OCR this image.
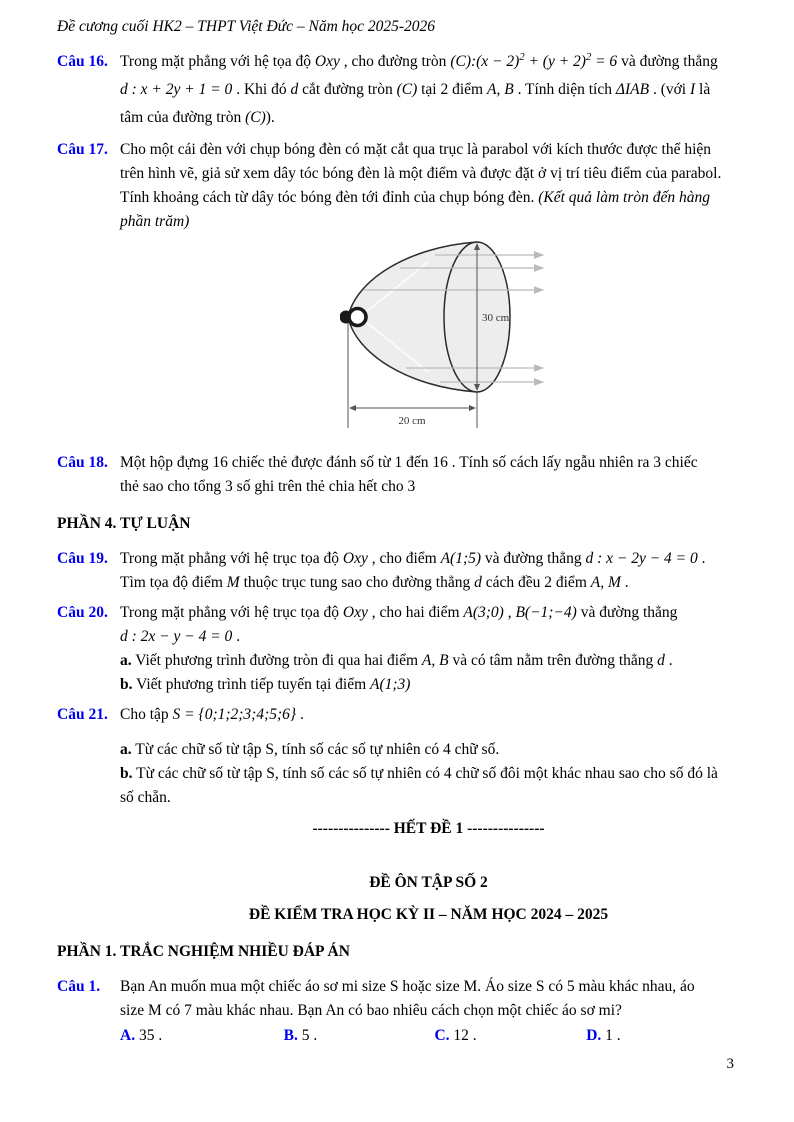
Đề cương cuối HK2 – THPT Việt Đức – Năm học 2025-2026
Câu 16. Trong mặt phẳng với hệ tọa độ Oxy , cho đường tròn (C):(x − $2)^2 + (y + 2)^2 = 6$ và đường thẳng
d : x + 2y + 1 = 0 . Khi đó d cắt đường tròn (C) tại 2 điểm A, B . Tính diện tích ΔIAB . (với I là
tâm của đường tròn (C)).
Câu 17. Cho một cái đèn với chụp bóng đèn có mặt cắt qua trục là parabol với kích thước được thể hiện
trên hình vẽ, giả sử xem dây tóc bóng đèn là một điểm và được đặt ở vị trí tiêu điểm của parabol.
Tính khoảng cách từ dây tóc bóng đèn tới đỉnh của chụp bóng đèn. (Kết quả làm tròn đến hàng
phần trăm)
30 cm
20 cm
Câu 18. Một hộp đựng 16 chiếc thẻ được đánh số từ 1 đến 16 . Tính số cách lấy ngẫu nhiên ra 3 chiếc
thẻ sao cho tổng 3 số ghi trên thẻ chia hết cho 3
PHẦN 4. TỰ LUẬN
Câu 19. Trong mặt phẳng với hệ trục tọa độ Oxy , cho điểm A(1;5) và đường thẳng d : x − 2y − 4 = 0 .
Tìm tọa độ điểm M thuộc trục tung sao cho đường thẳng d cách đều 2 điểm A, M .
Câu 20. Trong mặt phẳng với hệ trục tọa độ Oxy , cho hai điểm A(3;0) , B(−1;−4) và đường thẳng
d : 2x − y − 4 = 0 .
a. Viết phương trình đường tròn đi qua hai điểm A, B và có tâm nằm trên đường thẳng d .
b. Viết phương trình tiếp tuyến tại điểm A(1;3)
Câu 21. Cho tập S = {0;1;2;3;4;5;6} .
a. Từ các chữ số từ tập S, tính số các số tự nhiên có 4 chữ số.
b. Từ các chữ số từ tập S, tính số các số tự nhiên có 4 chữ số đôi một khác nhau sao cho số đó là
số chẵn.
--------------- HẾT ĐỀ 1 ---------------
ĐỀ ÔN TẬP SỐ 2
ĐỀ KIỂM TRA HỌC KỲ II – NĂM HỌC 2024 – 2025
PHẦN 1. TRẮC NGHIỆM NHIỀU ĐÁP ÁN
Câu 1. Bạn An muốn mua một chiếc áo sơ mi size S hoặc size M. Áo size S có 5 màu khác nhau, áo
size M có 7 màu khác nhau. Bạn An có bao nhiêu cách chọn một chiếc áo sơ mi?
A. 35 .	B. 5 .	C. 12 .	D. 1 .
3
